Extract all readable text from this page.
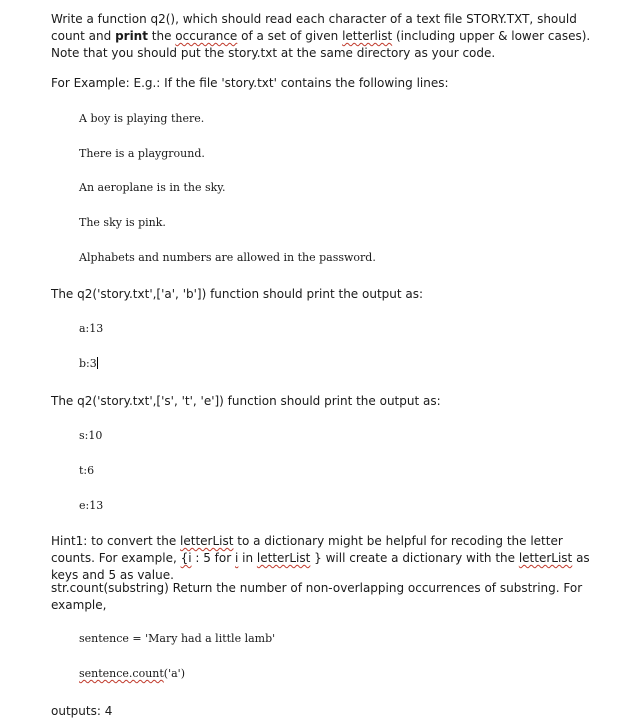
Write a function q2(), which should read each character of a text file STORY.TXT, should count and print the occurance of a set of given letterlist (including upper & lower cases). Note that you should put the story.txt at the same directory as your code.

For Example: E.g.: If the file 'story.txt' contains the following lines:

A boy is playing there.

There is a playground.

An aeroplane is in the sky.

The sky is pink.

Alphabets and numbers are allowed in the password.

The q2('story.txt',['a', 'b']) function should print the output as:

a:13

b:3

The q2('story.txt',['s', 't', 'e']) function should print the output as:

s:10

t:6

e:13

Hint1: to convert the letterList to a dictionary might be helpful for recoding the letter counts. For example, {i : 5 for i in letterList } will create a dictionary with the letterList as keys and 5 as value.

str.count(substring) Return the number of non-overlapping occurrences of substring. For example,

sentence = 'Mary had a little lamb'

sentence.count('a')

outputs: 4
